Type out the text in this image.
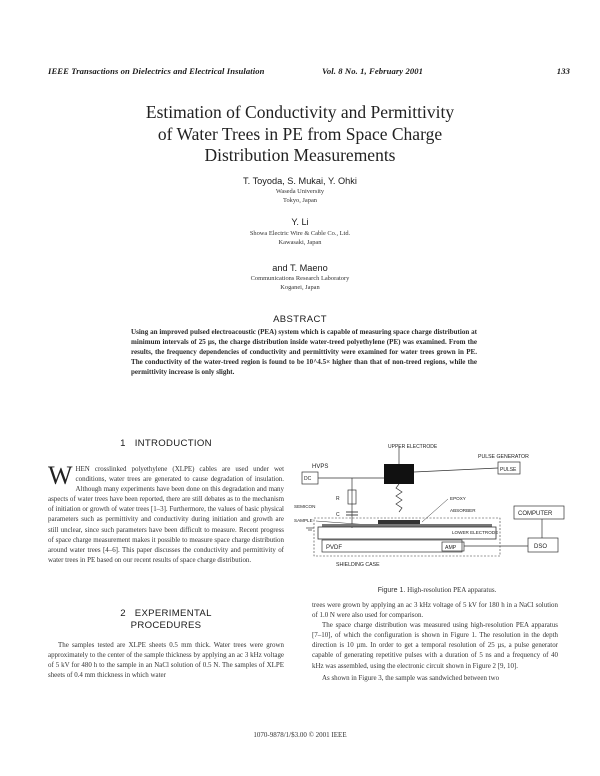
IEEE Transactions on Dielectrics and Electrical Insulation	Vol. 8 No. 1, February 2001	133
Estimation of Conductivity and Permittivity
of Water Trees in PE from Space Charge
Distribution Measurements
T. Toyoda, S. Mukai, Y. Ohki
Waseda University
Tokyo, Japan
Y. Li
Showa Electric Wire & Cable Co., Ltd.
Kawasaki, Japan
and T. Maeno
Communications Research Laboratory
Koganei, Japan
ABSTRACT
Using an improved pulsed electroacoustic (PEA) system which is capable of measuring space charge distribution at minimum intervals of 25 µs, the charge distribution inside water-treed polyethylene (PE) was examined. From the results, the frequency dependencies of conductivity and permittivity were examined for water trees grown in PE. The conductivity of the water-treed region is found to be 10^4.5× higher than that of non-treed regions, while the permittivity increase is only slight.
1 INTRODUCTION
WHEN crosslinked polyethylene (XLPE) cables are used under wet conditions, water trees are generated to cause degradation of insulation. Although many experiments have been done on this degradation and many aspects of water trees have been reported, there are still debates as to the mechanism of initiation or growth of water trees [1–3]. Furthermore, the values of basic physical parameters such as permittivity and conductivity during initiation and growth are still unclear, since such parameters have been difficult to measure. Recent progress of space charge measurement makes it possible to measure space charge distribution around water trees [4–6]. This paper discusses the conductivity and permittivity of water trees in PE based on our recent results of space charge distribution.
2 EXPERIMENTAL
PROCEDURES
The samples tested are XLPE sheets 0.5 mm thick. Water trees were grown approximately to the center of the sample thickness by applying an ac 3 kHz voltage of 5 kV for 480 h to the sample in an NaCl solution of 0.5 N. The samples of XLPE sheets of 0.4 mm thickness in which water
HVPS
DC
UPPER ELECTRODE
PULSE GENERATOR
PULSE
R
C
SEMICON
SAMPLE
EPOXY
ABSORBER
LOWER ELECTRODE
PVDF	AMP
SHIELDING CASE
COMPUTER
DSO
Figure 1. High-resolution PEA apparatus.
trees were grown by applying an ac 3 kHz voltage of 5 kV for 180 h in a NaCl solution of 1.0 N were also used for comparison.
The space charge distribution was measured using high-resolution PEA apparatus [7–10], of which the configuration is shown in Figure 1. The resolution in the depth direction is 10 µm. In order to get a temporal resolution of 25 µs, a pulse generator capable of generating repetitive pulses with a duration of 5 ns and a frequency of 40 kHz was assembled, using the electronic circuit shown in Figure 2 [9, 10].
As shown in Figure 3, the sample was sandwiched between two
1070-9878/1/$3.00 © 2001 IEEE
